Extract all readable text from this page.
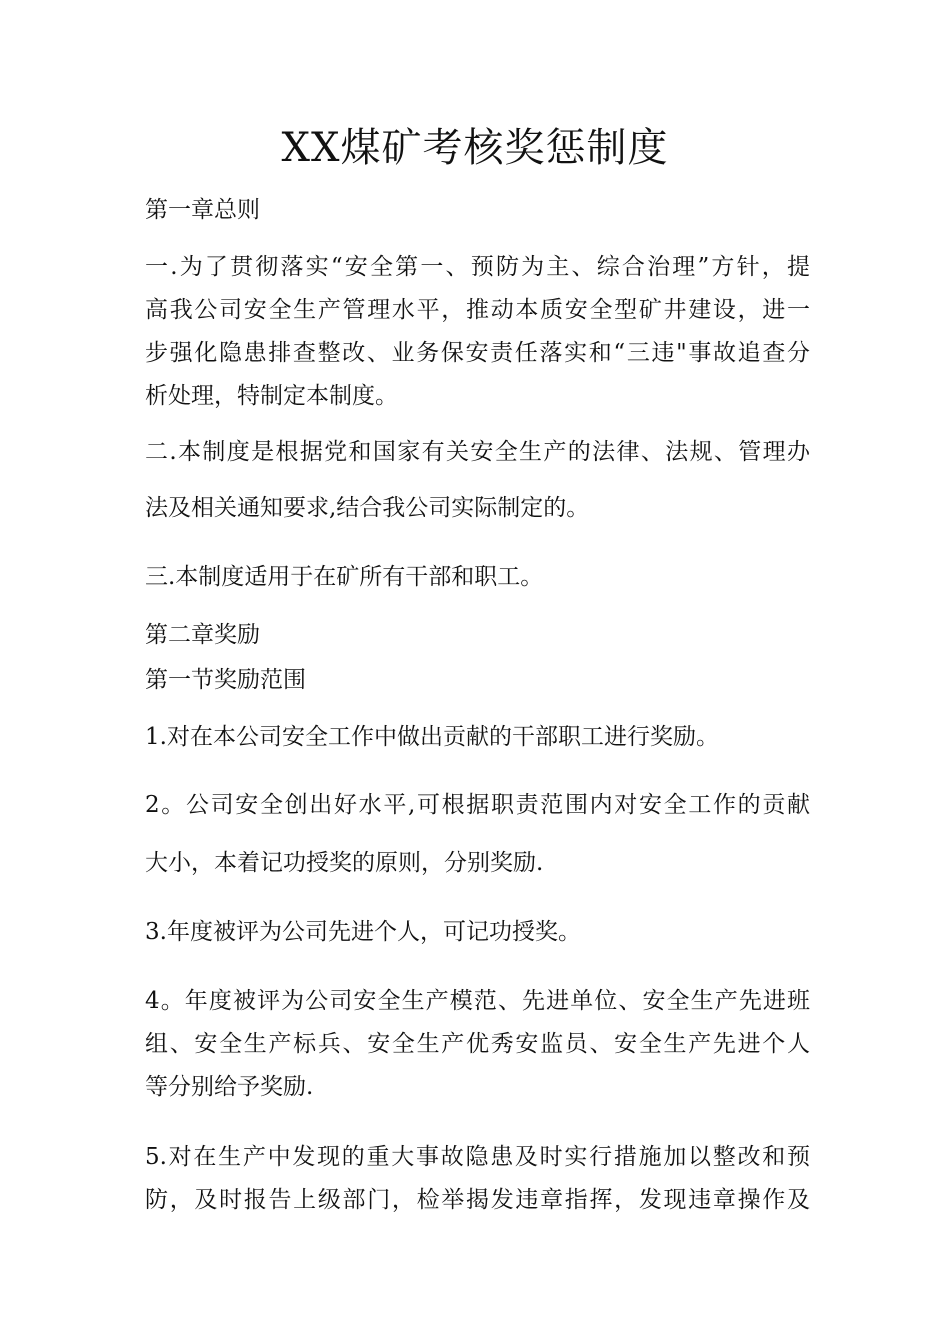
XX煤矿考核奖惩制度

第一章总则

一.为了贯彻落实“安全第一、预防为主、综合治理”方针，提

高我公司安全生产管理水平，推动本质安全型矿井建设，进一

步强化隐患排查整改、业务保安责任落实和“三违"事故追查分

析处理，特制定本制度。

二.本制度是根据党和国家有关安全生产的法律、法规、管理办

法及相关通知要求,结合我公司实际制定的。

三.本制度适用于在矿所有干部和职工。

第二章奖励

第一节奖励范围

1.对在本公司安全工作中做出贡献的干部职工进行奖励。

2。公司安全创出好水平,可根据职责范围内对安全工作的贡献

大小，本着记功授奖的原则，分别奖励.

3.年度被评为公司先进个人，可记功授奖。

4。年度被评为公司安全生产模范、先进单位、安全生产先进班

组、安全生产标兵、安全生产优秀安监员、安全生产先进个人

等分别给予奖励.

5.对在生产中发现的重大事故隐患及时实行措施加以整改和预

防，及时报告上级部门，检举揭发违章指挥，发现违章操作及
